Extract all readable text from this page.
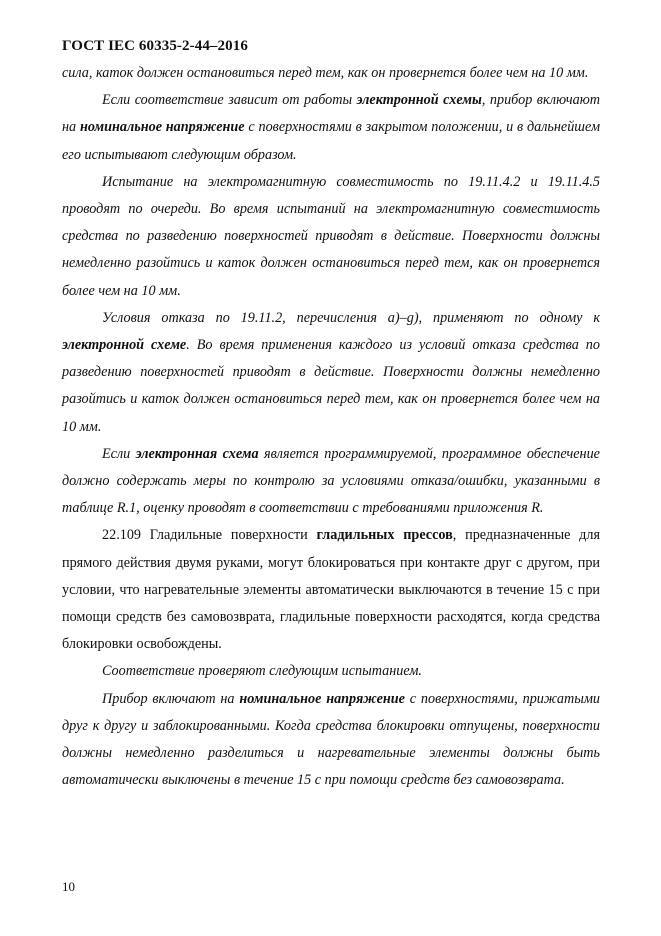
ГОСТ IEC 60335-2-44–2016

сила, каток должен остановиться перед тем, как он провернется более чем на 10 мм.

Если соответствие зависит от работы электронной схемы, прибор включают на номинальное напряжение с поверхностями в закрытом положении, и в дальнейшем его испытывают следующим образом.

Испытание на электромагнитную совместимость по 19.11.4.2 и 19.11.4.5 проводят по очереди. Во время испытаний на электромагнитную совместимость средства по разведению поверхностей приводят в действие. Поверхности должны немедленно разойтись и каток должен остановиться перед тем, как он провернется более чем на 10 мм.

Условия отказа по 19.11.2, перечисления a)–g), применяют по одному к электронной схеме. Во время применения каждого из условий отказа средства по разведению поверхностей приводят в действие. Поверхности должны немедленно разойтись и каток должен остановиться перед тем, как он провернется более чем на 10 мм.

Если электронная схема является программируемой, программное обеспечение должно содержать меры по контролю за условиями отказа/ошибки, указанными в таблице R.1, оценку проводят в соответствии с требованиями приложения R.

22.109 Гладильные поверхности гладильных прессов, предназначенные для прямого действия двумя руками, могут блокироваться при контакте друг с другом, при условии, что нагревательные элементы автоматически выключаются в течение 15 с при помощи средств без самовозврата, гладильные поверхности расходятся, когда средства блокировки освобождены.

Соответствие проверяют следующим испытанием.

Прибор включают на номинальное напряжение с поверхностями, прижатыми друг к другу и заблокированными. Когда средства блокировки отпущены, поверхности должны немедленно разделиться и нагревательные элементы должны быть автоматически выключены в течение 15 с при помощи средств без самовозврата.

10
